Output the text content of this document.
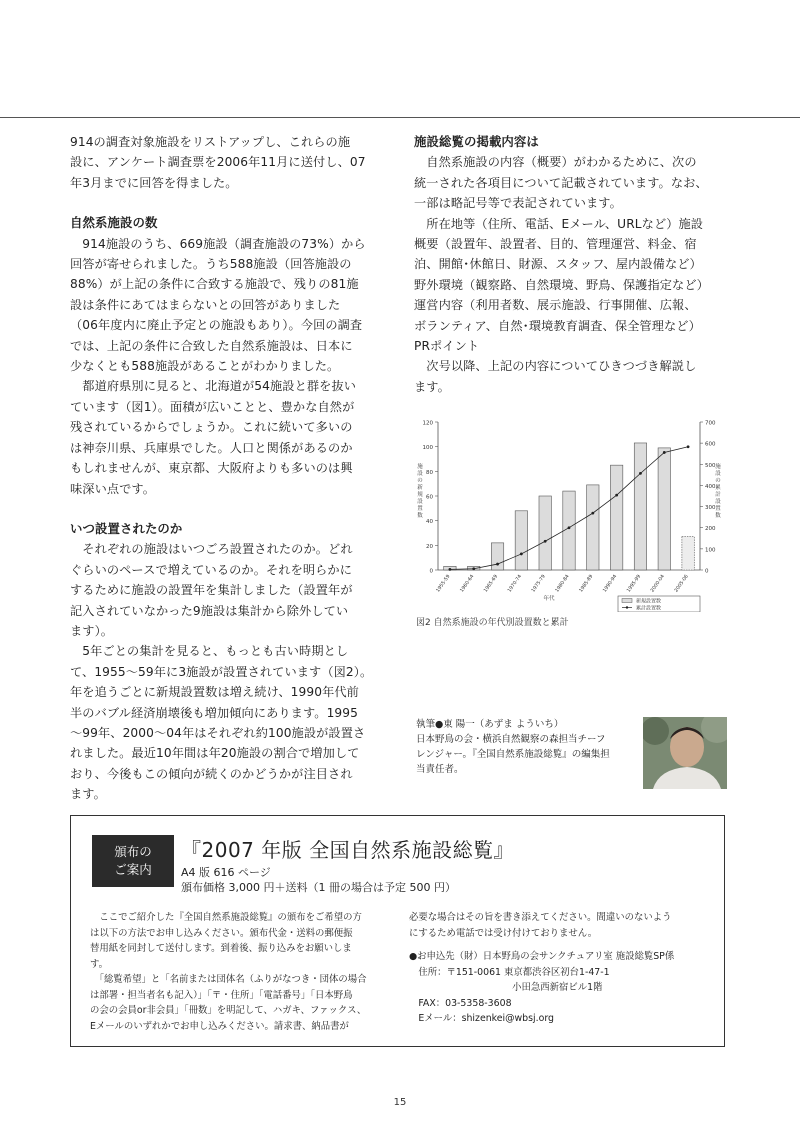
914の調査対象施設をリストアップし、これらの施
設に、アンケート調査票を2006年11月に送付し、07
年3月までに回答を得ました。

自然系施設の数

　914施設のうち、669施設（調査施設の73%）から
回答が寄せられました。うち588施設（回答施設の
88%）が上記の条件に合致する施設で、残りの81施
設は条件にあてはまらないとの回答がありました
（06年度内に廃止予定との施設もあり）。今回の調査
では、上記の条件に合致した自然系施設は、日本に
少なくとも588施設があることがわかりました。

　都道府県別に見ると、北海道が54施設と群を抜い
ています（図1）。面積が広いことと、豊かな自然が
残されているからでしょうか。これに続いて多いの
は神奈川県、兵庫県でした。人口と関係があるのか
もしれませんが、東京都、大阪府よりも多いのは興
味深い点です。

いつ設置されたのか

　それぞれの施設はいつごろ設置されたのか。どれ
ぐらいのペースで増えているのか。それを明らかに
するために施設の設置年を集計しました（設置年が
記入されていなかった9施設は集計から除外してい
ます）。

　5年ごとの集計を見ると、もっとも古い時期とし
て、1955〜59年に3施設が設置されています（図2）。
年を追うごとに新規設置数は増え続け、1990年代前
半のバブル経済崩壊後も増加傾向にあります。1995
〜99年、2000〜04年はそれぞれ約100施設が設置さ
れました。最近10年間は年20施設の割合で増加して
おり、今後もこの傾向が続くのかどうかが注目され
ます。

施設総覧の掲載内容は

　自然系施設の内容（概要）がわかるために、次の
統一された各項目について記載されています。なお、
一部は略記号等で表記されています。

　所在地等（住所、電話、Eメール、URLなど）施設
概要（設置年、設置者、目的、管理運営、料金、宿
泊、開館･休館日、財源、スタッフ、屋内設備など）
野外環境（観察路、自然環境、野鳥、保護指定など）
運営内容（利用者数、展示施設、行事開催、広報、
ボランティア、自然･環境教育調査、保全管理など）
PRポイント

　次号以降、上記の内容についてひきつづき解説し
ます。

0
20
40
60
80
100
120
0
100
200
300
400
500
600
700
施
設
の
新
規
設
置
数
施
設
の
累
計
設
置
数
1955-59 1960-64 1965-69 1970-74 1975-79 1980-84 1985-89 1990-94 1995-99 2000-04 2005-06
年代	新規設置数
累計設置数
図2 自然系施設の年代別設置数と累計

執筆●東 陽一（あずま よういち）

日本野鳥の会・横浜自然観察の森担当チーフ
レンジャー。『全国自然系施設総覧』の編集担
当責任者。

頒布の
ご案内
『2007 年版 全国自然系施設総覧』

A4 版 616 ページ

頒布価格 3,000 円＋送料（1 冊の場合は予定 500 円）

　ここでご紹介した『全国自然系施設総覧』の頒布をご希望の方
は以下の方法でお申し込みください。頒布代金・送料の郵便振
替用紙を同封して送付します。到着後、振り込みをお願いしま
す。

　「総覧希望」と「名前または団体名（ふりがなつき・団体の場合
は部署・担当者名も記入）」「〒・住所」「電話番号」「日本野鳥
の会の会員or非会員」「冊数」を明記して、ハガキ、ファックス、
Eメールのいずれかでお申し込みください。請求書、納品書が

必要な場合はその旨を書き添えてください。間違いのないよう
にするため電話では受け付けておりません。

●お申込先（財）日本野鳥の会サンクチュアリ室 施設総覧SP係
　住所：〒151-0061 東京都渋谷区初台1-47-1
　　　　　　　　　　　小田急西新宿ビル1階
　FAX：03-5358-3608
　Eメール：shizenkei@wbsj.org

15
